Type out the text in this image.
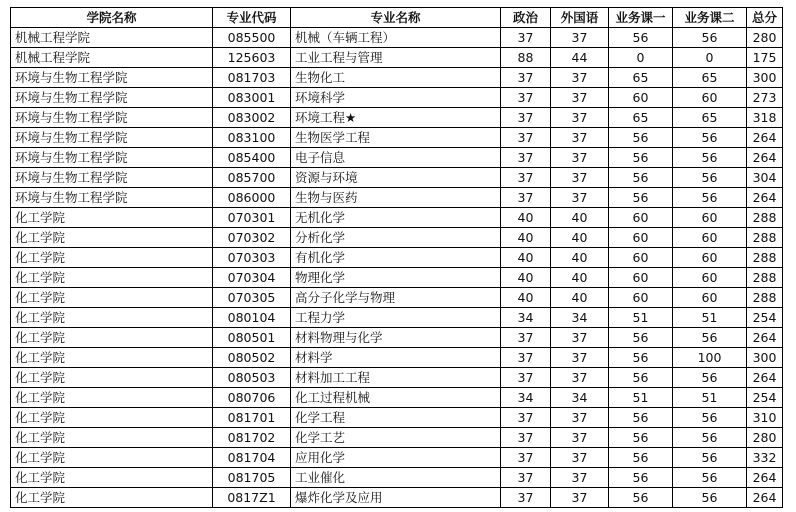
学院名称	专业代码	专业名称	政治	外国语	业务课一	业务课二	总分
机械工程学院	085500	机械（车辆工程）	37	37	56	56	280
机械工程学院	125603	工业工程与管理	88	44	0	0	175
环境与生物工程学院	081703	生物化工	37	37	65	65	300
环境与生物工程学院	083001	环境科学	37	37	60	60	273
环境与生物工程学院	083002	环境工程★	37	37	65	65	318
环境与生物工程学院	083100	生物医学工程	37	37	56	56	264
环境与生物工程学院	085400	电子信息	37	37	56	56	264
环境与生物工程学院	085700	资源与环境	37	37	56	56	304
环境与生物工程学院	086000	生物与医药	37	37	56	56	264
化工学院	070301	无机化学	40	40	60	60	288
化工学院	070302	分析化学	40	40	60	60	288
化工学院	070303	有机化学	40	40	60	60	288
化工学院	070304	物理化学	40	40	60	60	288
化工学院	070305	高分子化学与物理	40	40	60	60	288
化工学院	080104	工程力学	34	34	51	51	254
化工学院	080501	材料物理与化学	37	37	56	56	264
化工学院	080502	材料学	37	37	56	100	300
化工学院	080503	材料加工工程	37	37	56	56	264
化工学院	080706	化工过程机械	34	34	51	51	254
化工学院	081701	化学工程	37	37	56	56	310
化工学院	081702	化学工艺	37	37	56	56	280
化工学院	081704	应用化学	37	37	56	56	332
化工学院	081705	工业催化	37	37	56	56	264
化工学院	0817Z1	爆炸化学及应用	37	37	56	56	264
